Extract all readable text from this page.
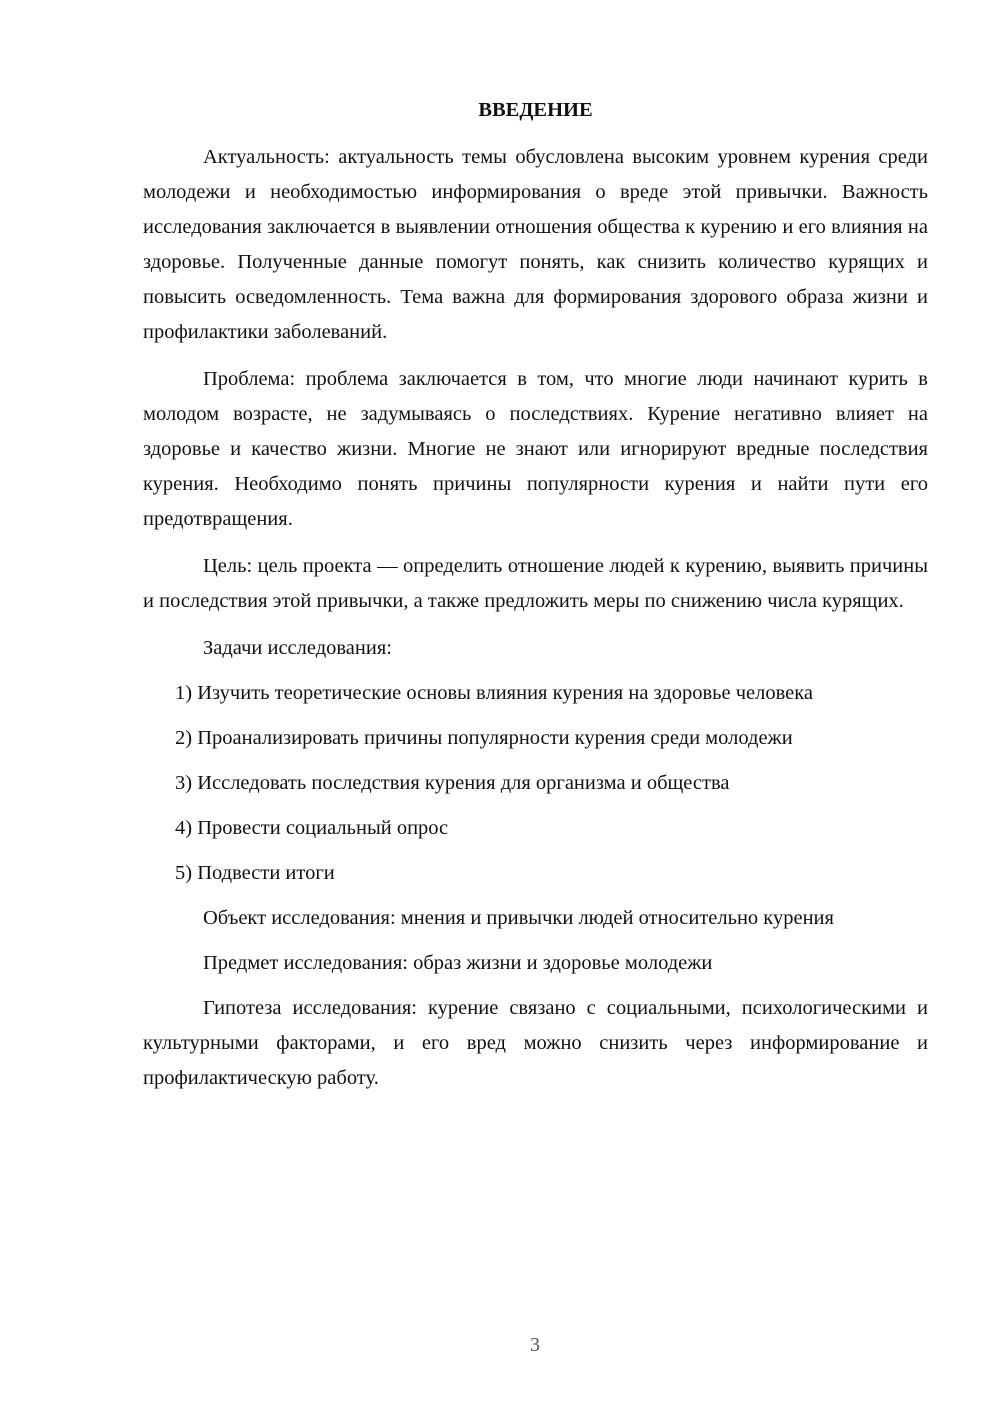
ВВЕДЕНИЕ

Актуальность: актуальность темы обусловлена высоким уровнем курения среди молодежи и необходимостью информирования о вреде этой привычки. Важность исследования заключается в выявлении отношения общества к курению и его влияния на здоровье. Полученные данные помогут понять, как снизить количество курящих и повысить осведомленность. Тема важна для формирования здорового образа жизни и профилактики заболеваний.

Проблема: проблема заключается в том, что многие люди начинают курить в молодом возрасте, не задумываясь о последствиях. Курение негативно влияет на здоровье и качество жизни. Многие не знают или игнорируют вредные последствия курения. Необходимо понять причины популярности курения и найти пути его предотвращения.

Цель: цель проекта — определить отношение людей к курению, выявить причины и последствия этой привычки, а также предложить меры по снижению числа курящих.

Задачи исследования:

1) Изучить теоретические основы влияния курения на здоровье человека

2) Проанализировать причины популярности курения среди молодежи

3) Исследовать последствия курения для организма и общества

4) Провести социальный опрос

5) Подвести итоги

Объект исследования: мнения и привычки людей относительно курения

Предмет исследования: образ жизни и здоровье молодежи

Гипотеза исследования: курение связано с социальными, психологическими и культурными факторами, и его вред можно снизить через информирование и профилактическую работу.

3
